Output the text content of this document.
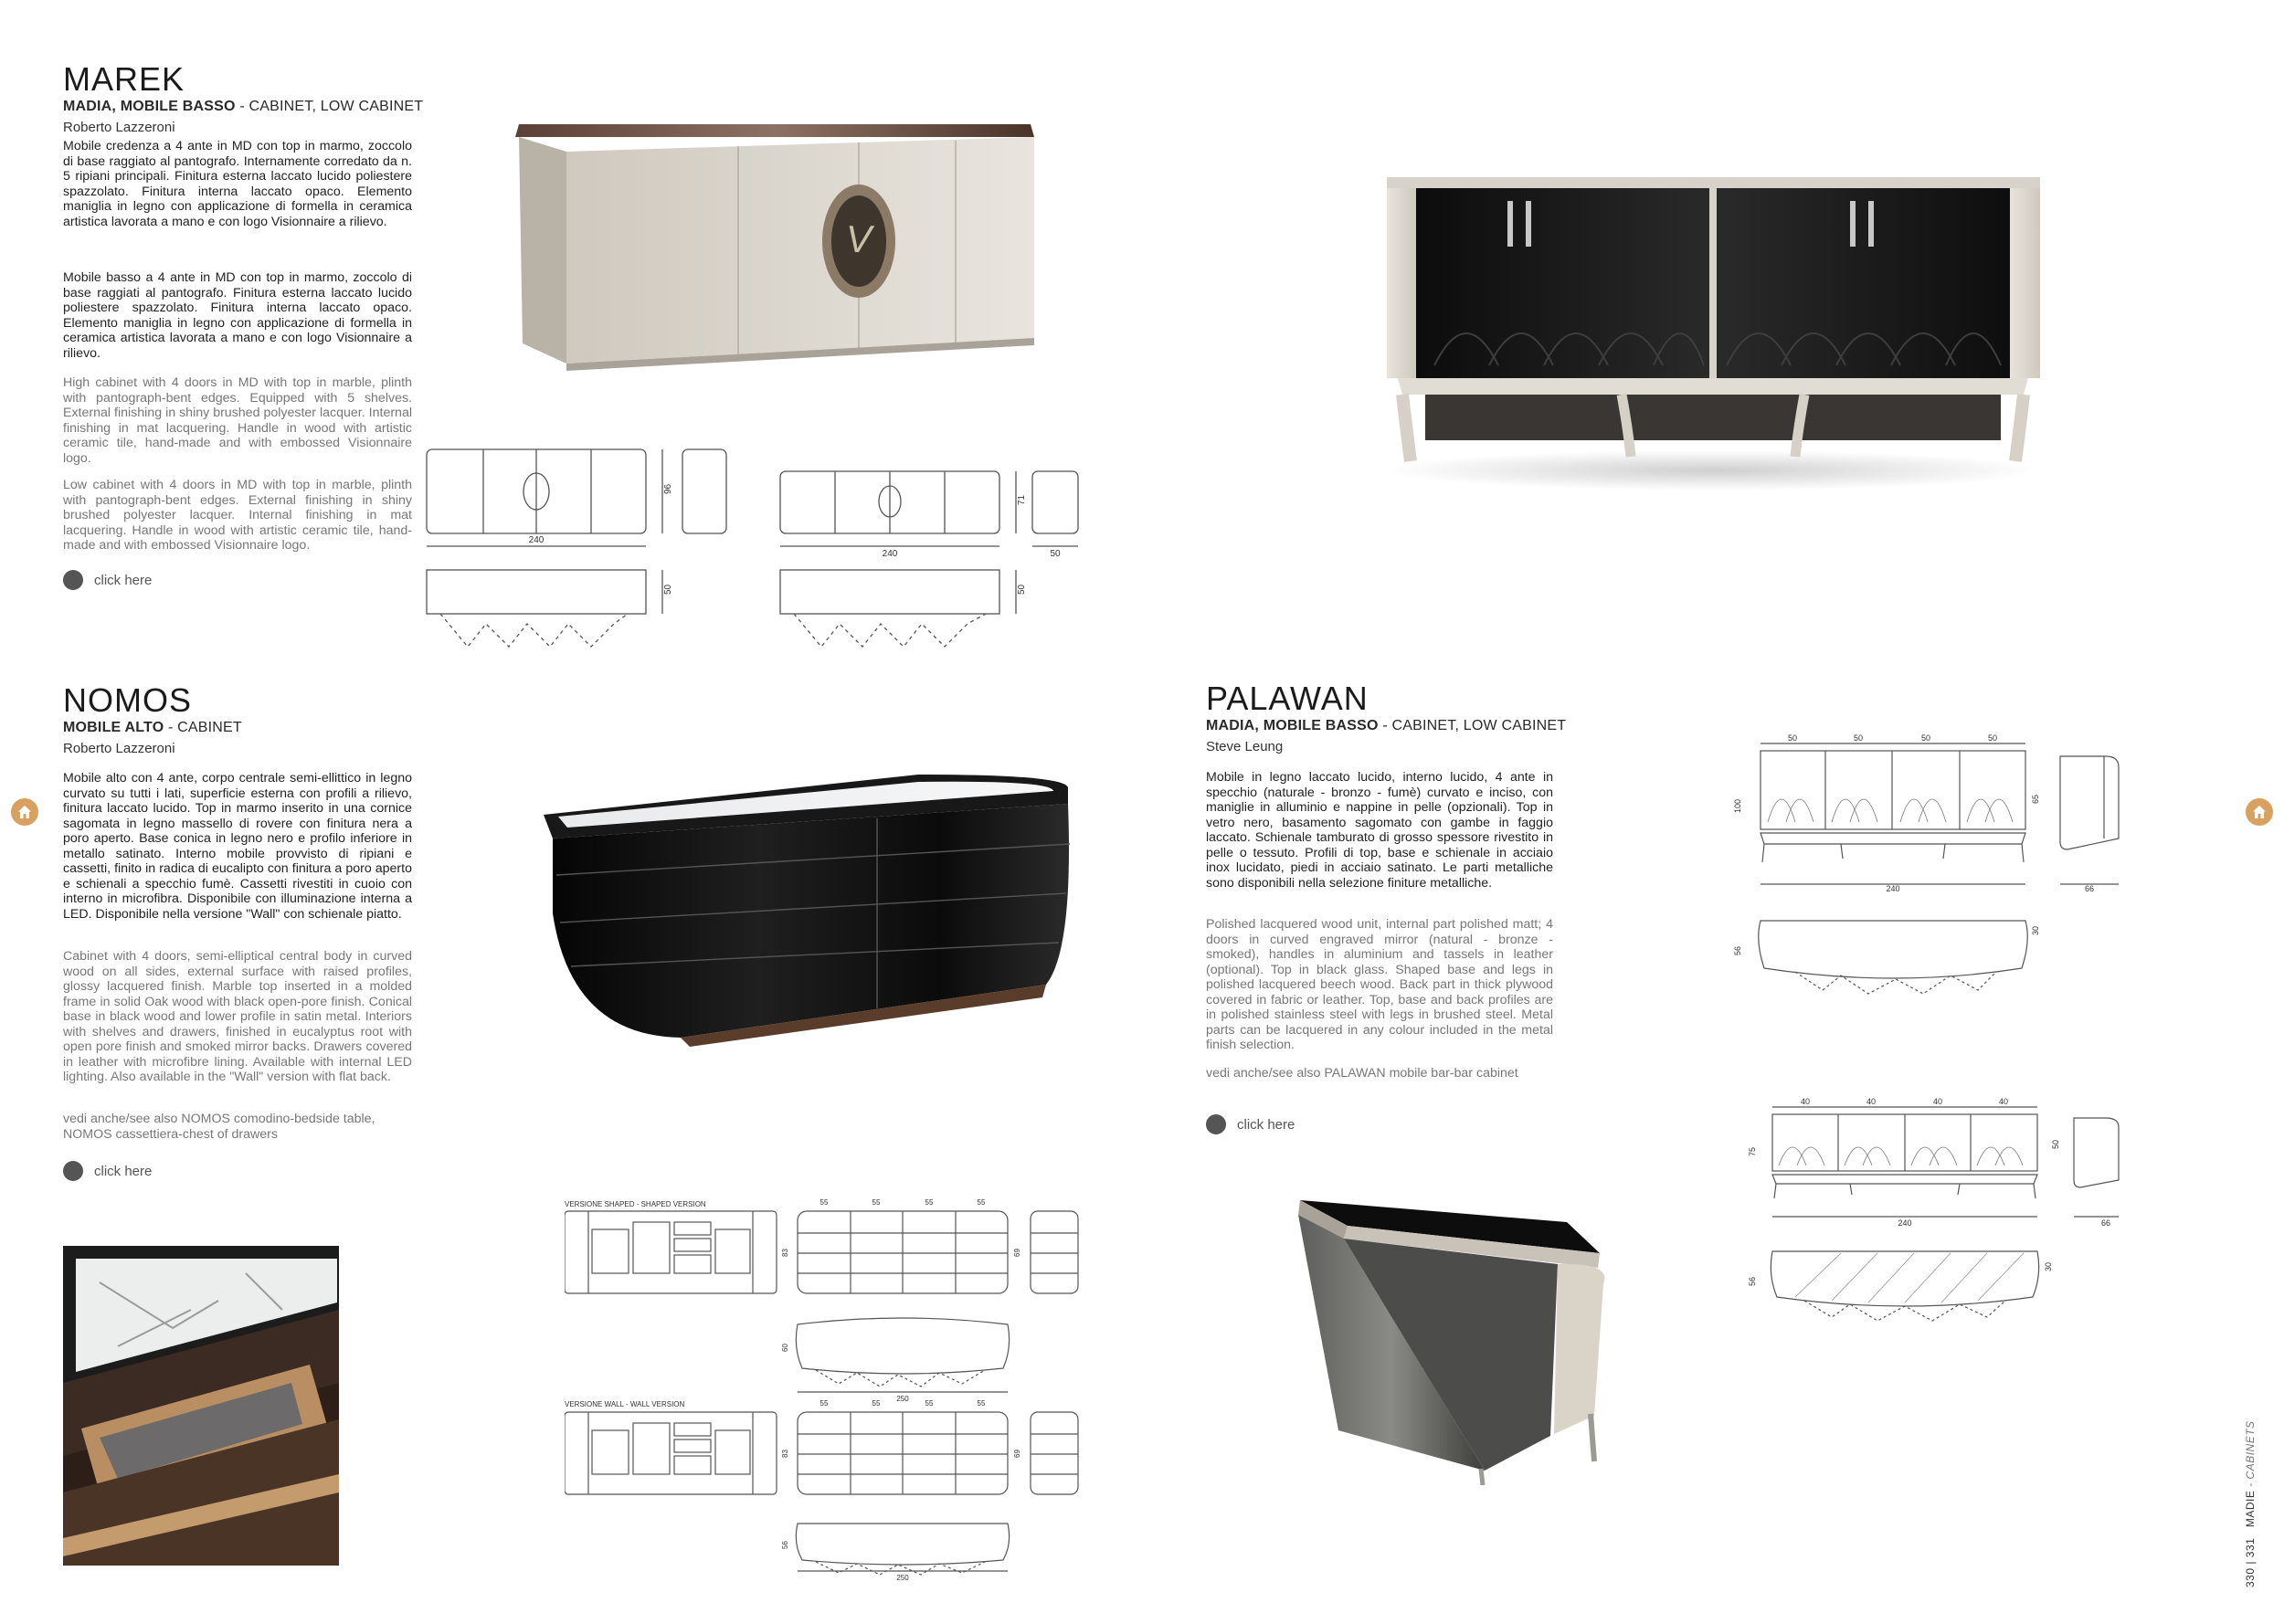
MAREK
MADIA, MOBILE BASSO - CABINET, LOW CABINET
Roberto Lazzeroni

Mobile credenza a 4 ante in MD con top in marmo, zoccolo di base raggiato al pantografo. Internamente corredato da n. 5 ripiani principali. Finitura esterna laccato lucido poliestere spazzolato. Finitura interna laccato opaco. Elemento maniglia in legno con applicazione di formella in ceramica artistica lavorata a mano e con logo Visionnaire a rilievo.

Mobile basso a 4 ante in MD con top in marmo, zoccolo di base raggiati al pantografo. Finitura esterna laccato lucido poliestere spazzolato. Finitura interna laccato opaco. Elemento maniglia in legno con applicazione di formella in ceramica artistica lavorata a mano e con logo Visionnaire a rilievo.

High cabinet with 4 doors in MD with top in marble, plinth with pantograph-bent edges. Equipped with 5 shelves. External finishing in shiny brushed polyester lacquer. Internal finishing in mat lacquering. Handle in wood with artistic ceramic tile, hand-made and with embossed Visionnaire logo.

Low cabinet with 4 doors in MD with top in marble, plinth with pantograph-bent edges. External finishing in shiny brushed polyester lacquer. Internal finishing in mat lacquering. Handle in wood with artistic ceramic tile, hand-made and with embossed Visionnaire logo.

click here
V
240
240	50
96
71
50	50
NOMOS
MOBILE ALTO - CABINET
Roberto Lazzeroni

Mobile alto con 4 ante, corpo centrale semi-ellittico in legno curvato su tutti i lati, superficie esterna con profili a rilievo, finitura laccato lucido. Top in marmo inserito in una cornice sagomata in legno massello di rovere con finitura nera a poro aperto. Base conica in legno nero e profilo inferiore in metallo satinato. Interno mobile provvisto di ripiani e cassetti, finito in radica di eucalipto con finitura a poro aperto e schienali a specchio fumè. Cassetti rivestiti in cuoio con interno in microfibra. Disponibile con illuminazione interna a LED. Disponibile nella versione "Wall" con schienale piatto.

Cabinet with 4 doors, semi-elliptical central body in curved wood on all sides, external surface with raised profiles, glossy lacquered finish. Marble top inserted in a molded frame in solid Oak wood with black open-pore finish. Conical base in black wood and lower profile in satin metal. Interiors with shelves and drawers, finished in eucalyptus root with open pore finish and smoked mirror backs. Drawers covered in leather with microfibre lining. Available with internal LED lighting. Also available in the "Wall" version with flat back.

vedi anche/see also NOMOS comodino-bedside table, NOMOS cassettiera-chest of drawers

click here
VERSIONE SHAPED - SHAPED VERSION
VERSIONE WALL - WALL VERSION
55	55	55	55
250
55	55	55	55
250
83	69
60
83	69
56
PALAWAN
MADIA, MOBILE BASSO - CABINET, LOW CABINET
Steve Leung

Mobile in legno laccato lucido, interno lucido, 4 ante in specchio (naturale - bronzo - fumè) curvato e inciso, con maniglie in alluminio e nappine in pelle (opzionali). Top in vetro nero, basamento sagomato con gambe in faggio laccato. Schienale tamburato di grosso spessore rivestito in pelle o tessuto. Profili di top, base e schienale in acciaio inox lucidato, piedi in acciaio satinato. Le parti metalliche sono disponibili nella selezione finiture metalliche.

Polished lacquered wood unit, internal part polished matt; 4 doors in curved engraved mirror (natural - bronze - smoked), handles in aluminium and tassels in leather (optional). Top in black glass. Shaped base and legs in polished lacquered beech wood. Back part in thick plywood covered in fabric or leather. Top, base and back profiles are in polished stainless steel with legs in brushed steel. Metal parts can be lacquered in any colour included in the metal finish selection.

vedi anche/see also PALAWAN mobile bar-bar cabinet

click here
50	50	50	50
240	66
100	65
56
30
40	40	40	40
240	66
75
50
56
30
330 | 331   MADIE - CABINETS
